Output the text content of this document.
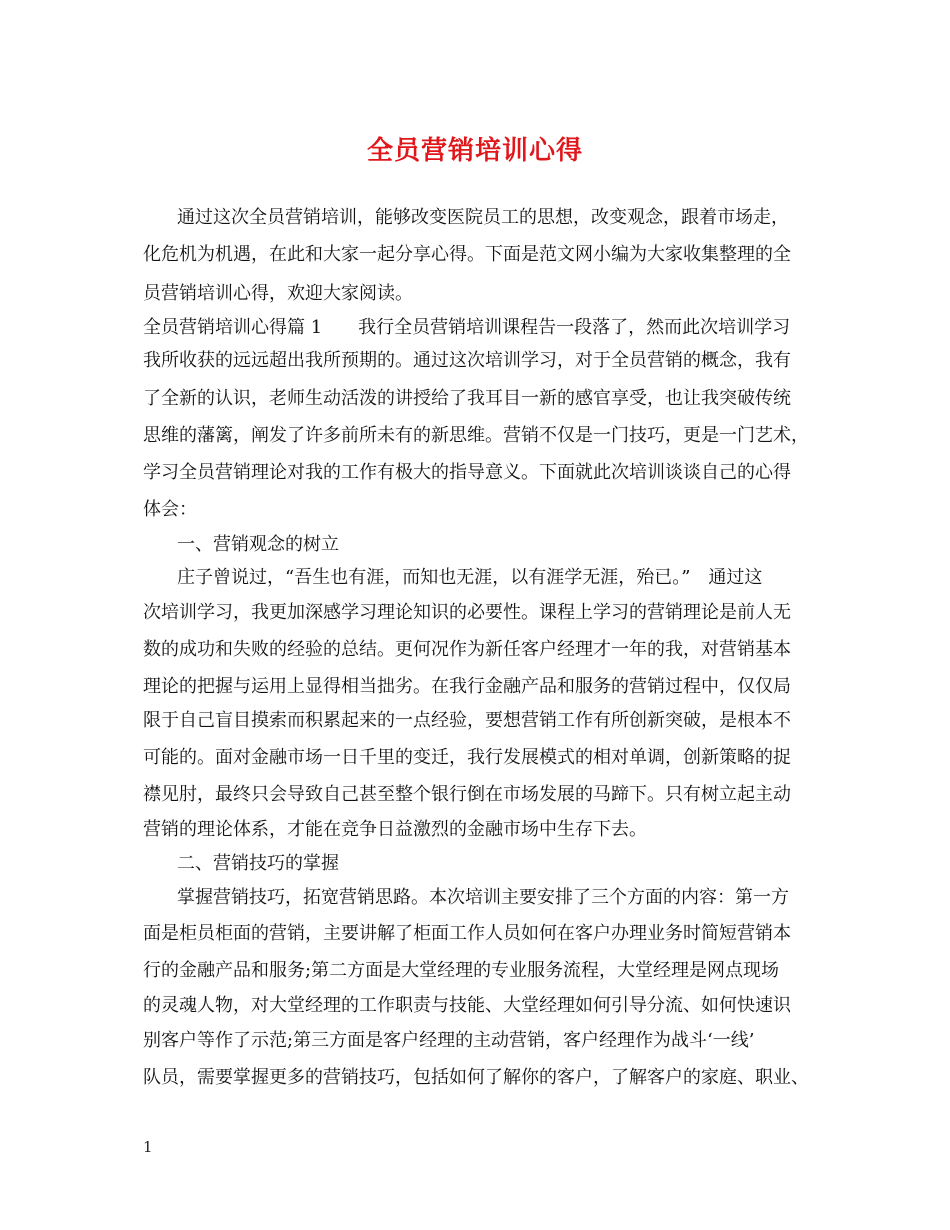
全员营销培训心得
通过这次全员营销培训，能够改变医院员工的思想，改变观念，跟着市场走，
化危机为机遇，在此和大家一起分享心得。下面是范文网小编为大家收集整理的全
员营销培训心得，欢迎大家阅读。
全员营销培训心得篇 1　　我行全员营销培训课程告一段落了，然而此次培训学习
我所收获的远远超出我所预期的。通过这次培训学习，对于全员营销的概念，我有
了全新的认识，老师生动活泼的讲授给了我耳目一新的感官享受，也让我突破传统
思维的藩篱，阐发了许多前所未有的新思维。营销不仅是一门技巧，更是一门艺术，
学习全员营销理论对我的工作有极大的指导意义。下面就此次培训谈谈自己的心得
体会：
一、营销观念的树立
庄子曾说过，“吾生也有涯，而知也无涯，以有涯学无涯，殆已。”　通过这
次培训学习，我更加深感学习理论知识的必要性。课程上学习的营销理论是前人无
数的成功和失败的经验的总结。更何况作为新任客户经理才一年的我，对营销基本
理论的把握与运用上显得相当拙劣。在我行金融产品和服务的营销过程中，仅仅局
限于自己盲目摸索而积累起来的一点经验，要想营销工作有所创新突破，是根本不
可能的。面对金融市场一日千里的变迁，我行发展模式的相对单调，创新策略的捉
襟见肘，最终只会导致自己甚至整个银行倒在市场发展的马蹄下。只有树立起主动
营销的理论体系，才能在竞争日益激烈的金融市场中生存下去。
二、营销技巧的掌握
掌握营销技巧，拓宽营销思路。本次培训主要安排了三个方面的内容：第一方
面是柜员柜面的营销，主要讲解了柜面工作人员如何在客户办理业务时简短营销本
行的金融产品和服务;第二方面是大堂经理的专业服务流程，大堂经理是网点现场
的灵魂人物，对大堂经理的工作职责与技能、大堂经理如何引导分流、如何快速识
别客户等作了示范;第三方面是客户经理的主动营销，客户经理作为战斗‘一线’
队员，需要掌握更多的营销技巧，包括如何了解你的客户，了解客户的家庭、职业、
1
